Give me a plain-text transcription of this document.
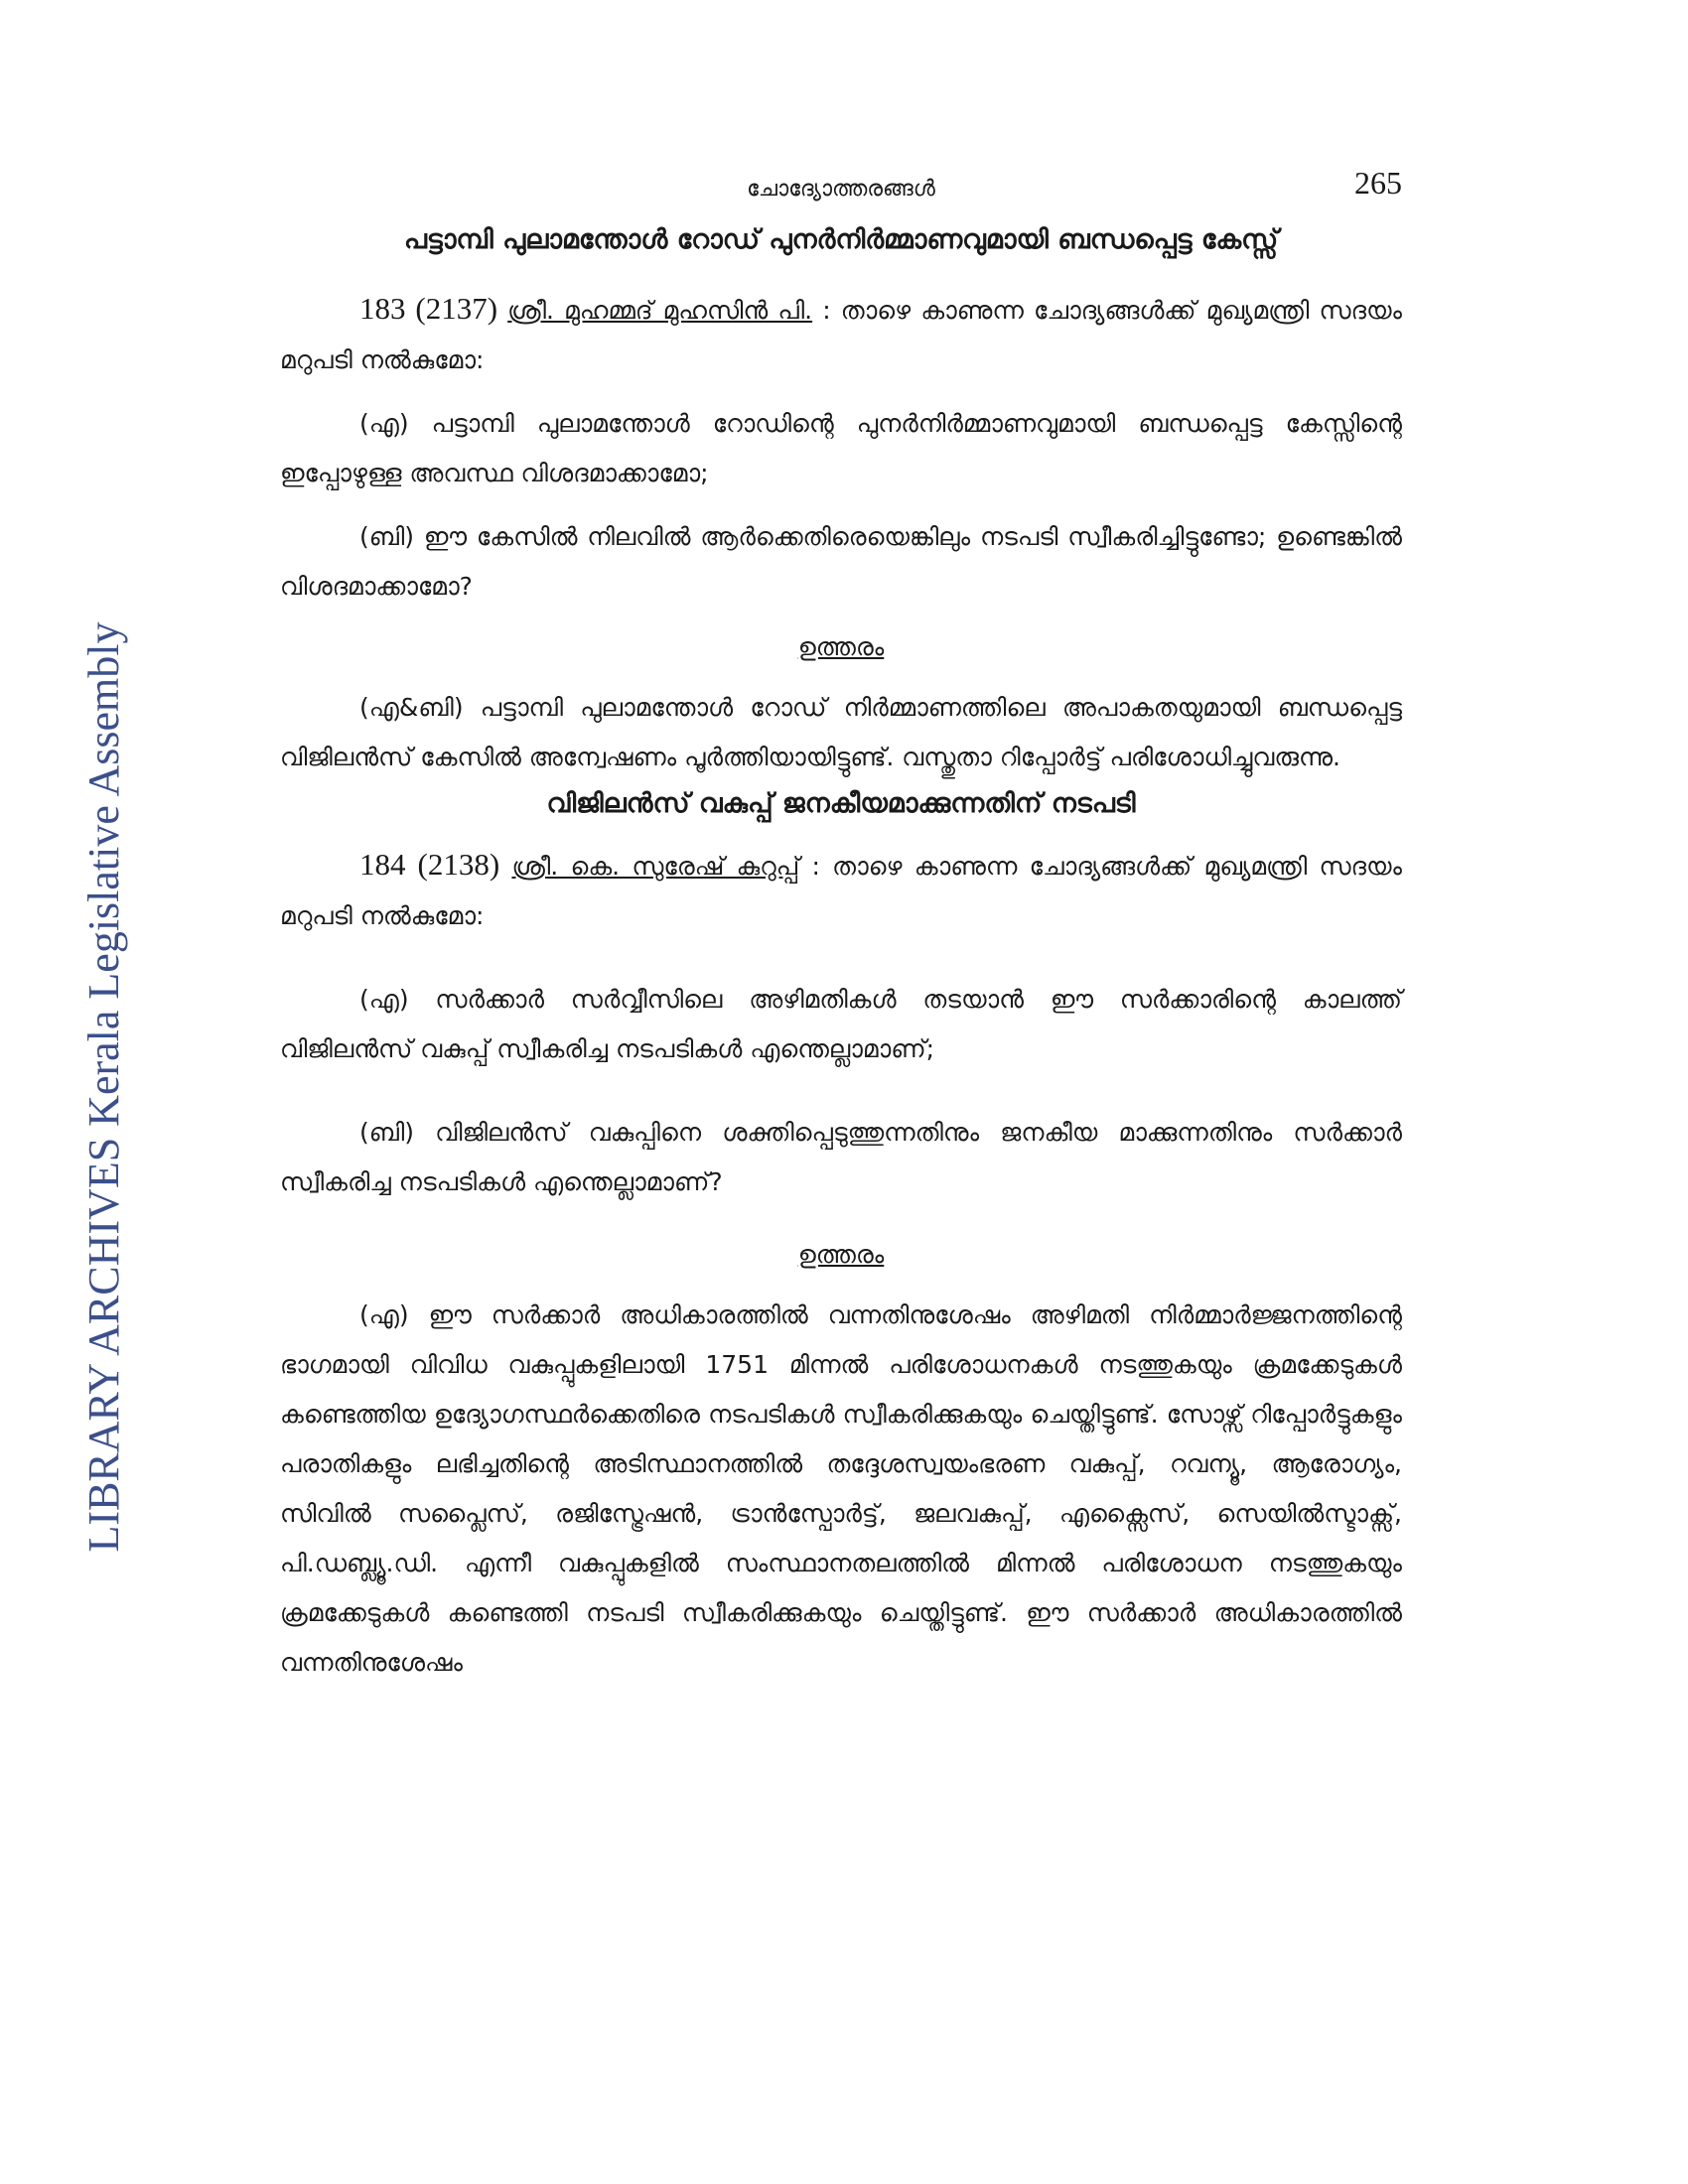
LIBRARY ARCHIVES Kerala Legislative Assembly
ചോദ്യോത്തരങ്ങൾ	265
പട്ടാമ്പി പുലാമന്തോൾ റോഡ് പുനർനിർമ്മാണവുമായി ബന്ധപ്പെട്ട കേസ്സ്

183 (2137) ശ്രീ. മുഹമ്മദ് മുഹസിൻ പി. : താഴെ കാണുന്ന ചോദ്യങ്ങൾക്ക് മുഖ്യമന്ത്രി സദയം മറുപടി നൽകുമോ:

(എ) പട്ടാമ്പി പുലാമന്തോൾ റോഡിന്റെ പുനർനിർമ്മാണവുമായി ബന്ധപ്പെട്ട കേസ്സിന്റെ ഇപ്പോഴുള്ള അവസ്ഥ വിശദമാക്കാമോ;

(ബി) ഈ കേസിൽ നിലവിൽ ആർക്കെതിരെയെങ്കിലും നടപടി സ്വീകരിച്ചിട്ടുണ്ടോ; ഉണ്ടെങ്കിൽ വിശദമാക്കാമോ?

ഉത്തരം

(എ&ബി) പട്ടാമ്പി പുലാമന്തോൾ റോഡ് നിർമ്മാണത്തിലെ അപാകതയുമായി ബന്ധപ്പെട്ട വിജിലൻസ് കേസിൽ അന്വേഷണം പൂർത്തിയായിട്ടുണ്ട്. വസ്തുതാ റിപ്പോർട്ട് പരിശോധിച്ചുവരുന്നു.

വിജിലൻസ് വകുപ്പ് ജനകീയമാക്കുന്നതിന് നടപടി

184 (2138) ശ്രീ. കെ. സുരേഷ് കുറുപ്പ് : താഴെ കാണുന്ന ചോദ്യങ്ങൾക്ക് മുഖ്യമന്ത്രി സദയം മറുപടി നൽകുമോ:

(എ) സർക്കാർ സർവ്വീസിലെ അഴിമതികൾ തടയാൻ ഈ സർക്കാരിന്റെ കാലത്ത് വിജിലൻസ് വകുപ്പ് സ്വീകരിച്ച നടപടികൾ എന്തെല്ലാമാണ്;

(ബി) വിജിലൻസ് വകുപ്പിനെ ശക്തിപ്പെടുത്തുന്നതിനും ജനകീയ മാക്കുന്നതിനും സർക്കാർ സ്വീകരിച്ച നടപടികൾ എന്തെല്ലാമാണ്?

ഉത്തരം

(എ) ഈ സർക്കാർ അധികാരത്തിൽ വന്നതിനുശേഷം അഴിമതി നിർമ്മാർജ്ജനത്തിന്റെ ഭാഗമായി വിവിധ വകുപ്പുകളിലായി 1751 മിന്നൽ പരിശോധനകൾ നടത്തുകയും ക്രമക്കേടുകൾ കണ്ടെത്തിയ ഉദ്യോഗസ്ഥർക്കെതിരെ നടപടികൾ സ്വീകരിക്കുകയും ചെയ്തിട്ടുണ്ട്. സോഴ്സ് റിപ്പോർട്ടുകളും പരാതികളും ലഭിച്ചതിന്റെ അടിസ്ഥാനത്തിൽ തദ്ദേശസ്വയംഭരണ വകുപ്പ്, റവന്യൂ, ആരോഗ്യം, സിവിൽ സപ്ലൈസ്, രജിസ്ട്രേഷൻ, ട്രാൻസ്പോർട്ട്, ജലവകുപ്പ്, എക്സൈസ്, സെയിൽസ്ടാക്സ്, പി.ഡബ്ല്യൂ.ഡി. എന്നീ വകുപ്പുകളിൽ സംസ്ഥാനതലത്തിൽ മിന്നൽ പരിശോധന നടത്തുകയും ക്രമക്കേടുകൾ കണ്ടെത്തി നടപടി സ്വീകരിക്കുകയും ചെയ്തിട്ടുണ്ട്. ഈ സർക്കാർ അധികാരത്തിൽ വന്നതിനുശേഷം
